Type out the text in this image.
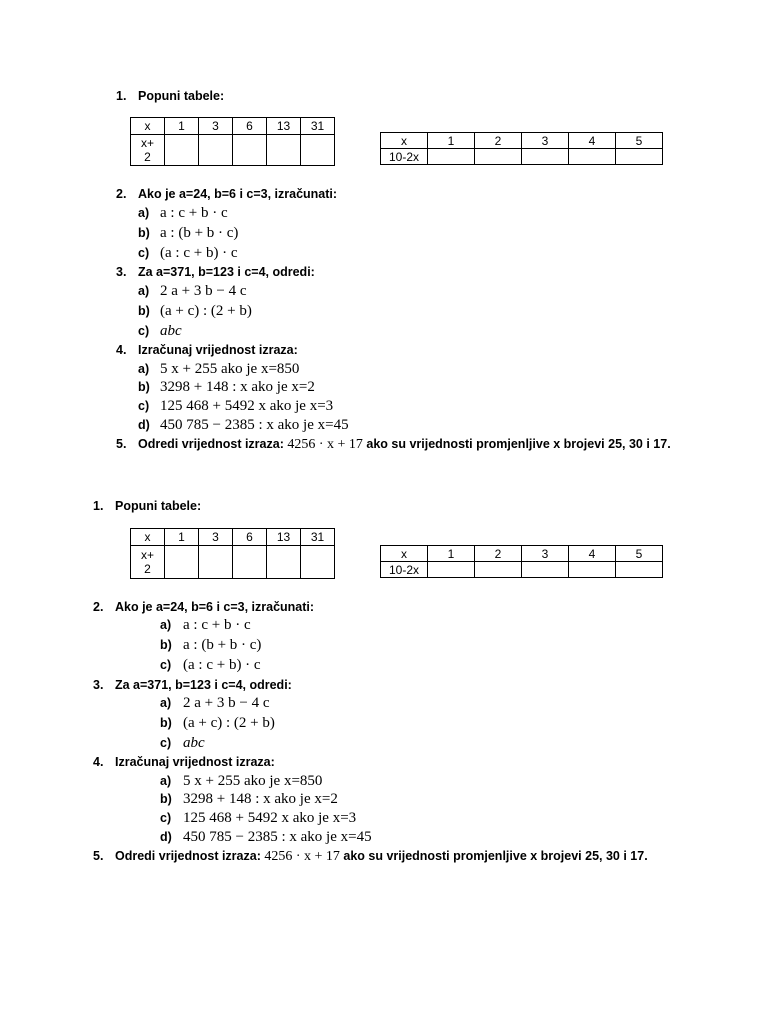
1. Popuni tabele:
x	1	3	6	13	31
x+
2					
x	1	2	3	4	5
10-2x					
2. Ako je a=24, b=6 i c=3, izračunati:
a) a : c + b · c
b) a : (b + b · c)
c) (a : c + b) · c
3. Za a=371, b=123 i c=4, odredi:
a) 2 a + 3 b − 4 c
b) (a + c) : (2 + b)
c) abc
4. Izračunaj vrijednost izraza:
a) 5 x + 255 ako je x=850
b) 3298 + 148 : x ako je x=2
c) 125 468 + 5492 x ako je x=3
d) 450 785 − 2385 : x ako je x=45
5. Odredi vrijednost izraza: 4256 · x + 17 ako su vrijednosti promjenljive x brojevi 25, 30 i 17.
1. Popuni tabele:
x	1	3	6	13	31
x+
2					
x	1	2	3	4	5
10-2x					
2. Ako je a=24, b=6 i c=3, izračunati:
a) a : c + b · c
b) a : (b + b · c)
c) (a : c + b) · c
3. Za a=371, b=123 i c=4, odredi:
a) 2 a + 3 b − 4 c
b) (a + c) : (2 + b)
c) abc
4. Izračunaj vrijednost izraza:
a) 5 x + 255 ako je x=850
b) 3298 + 148 : x ako je x=2
c) 125 468 + 5492 x ako je x=3
d) 450 785 − 2385 : x ako je x=45
5. Odredi vrijednost izraza: 4256 · x + 17 ako su vrijednosti promjenljive x brojevi 25, 30 i 17.
